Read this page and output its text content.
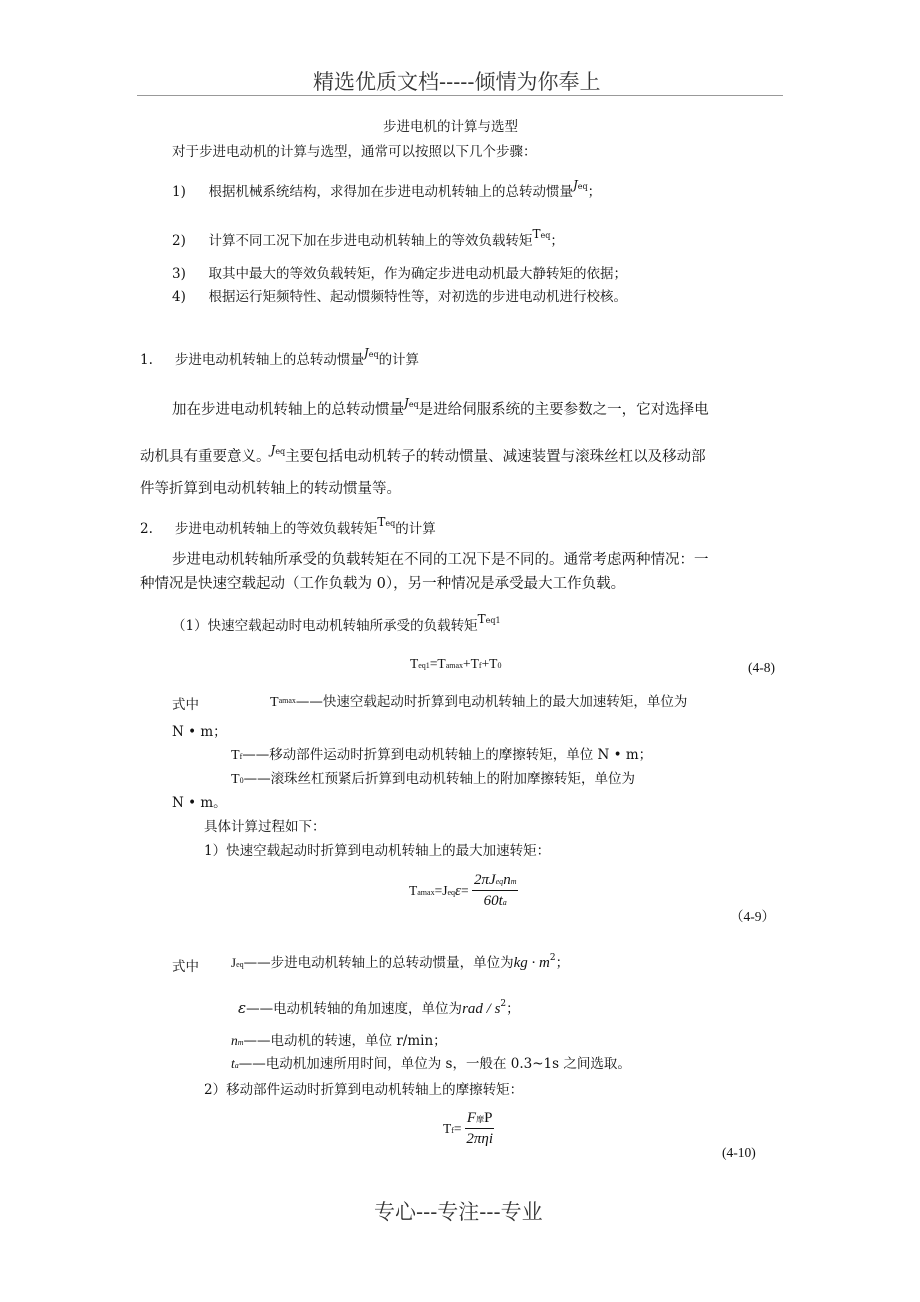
精选优质文档-----倾情为你奉上
步进电机的计算与选型
对于步进电动机的计算与选型，通常可以按照以下几个步骤：
1) 根据机械系统结构，求得加在步进电动机转轴上的总转动惯量$^{Jeq}$；
2) 计算不同工况下加在步进电动机转轴上的等效负载转矩$^{Teq}$；
3) 取其中最大的等效负载转矩，作为确定步进电动机最大静转矩的依据；
4) 根据运行矩频特性、起动惯频特性等，对初选的步进电动机进行校核。
1. 步进电动机转轴上的总转动惯量$^{Jeq}$的计算
加在步进电动机转轴上的总转动惯量$^{Jeq}$是进给伺服系统的主要参数之一，它对选择电
动机具有重要意义。$^{Jeq}$主要包括电动机转子的转动惯量、减速装置与滚珠丝杠以及移动部
件等折算到电动机转轴上的转动惯量等。
2. 步进电动机转轴上的等效负载转矩$^{Teq}$的计算
步进电动机转轴所承受的负载转矩在不同的工况下是不同的。通常考虑两种情况：一
种情况是快速空载起动（工作负载为 0），另一种情况是承受最大工作负载。
（1）快速空载起动时电动机转轴所承受的负载转矩$^{Teq1}$
Teq1=Tamax+Tf+T0	(4-8)
式中	$T^{amax}——$快速空载起动时折算到电动机转轴上的最大加速转矩，单位为
N • m；
Tf——移动部件运动时折算到电动机转轴上的摩擦转矩，单位 N • m；
T0——滚珠丝杠预紧后折算到电动机转轴上的附加摩擦转矩，单位为
N • m。
具体计算过程如下：
1）快速空载起动时折算到电动机转轴上的最大加速转矩：
$Tamax=Jeq\varepsilon= \frac{\text{2πJeqnm}}{60ta}$
（4-9）
式中 Jeq——步进电动机转轴上的总转动惯量，单位为kg · $m^2$；
ε——电动机转轴的角加速度，单位为rad / $s^2$；
nm——电动机的转速，单位 r/min；
ta——电动机加速所用时间，单位为 s，一般在 0.3~1s 之间选取。
2）移动部件运动时折算到电动机转轴上的摩擦转矩：
$Tf= \frac{\text{F摩P}}{\text{2πηi}}$
(4-10)
专心---专注---专业
